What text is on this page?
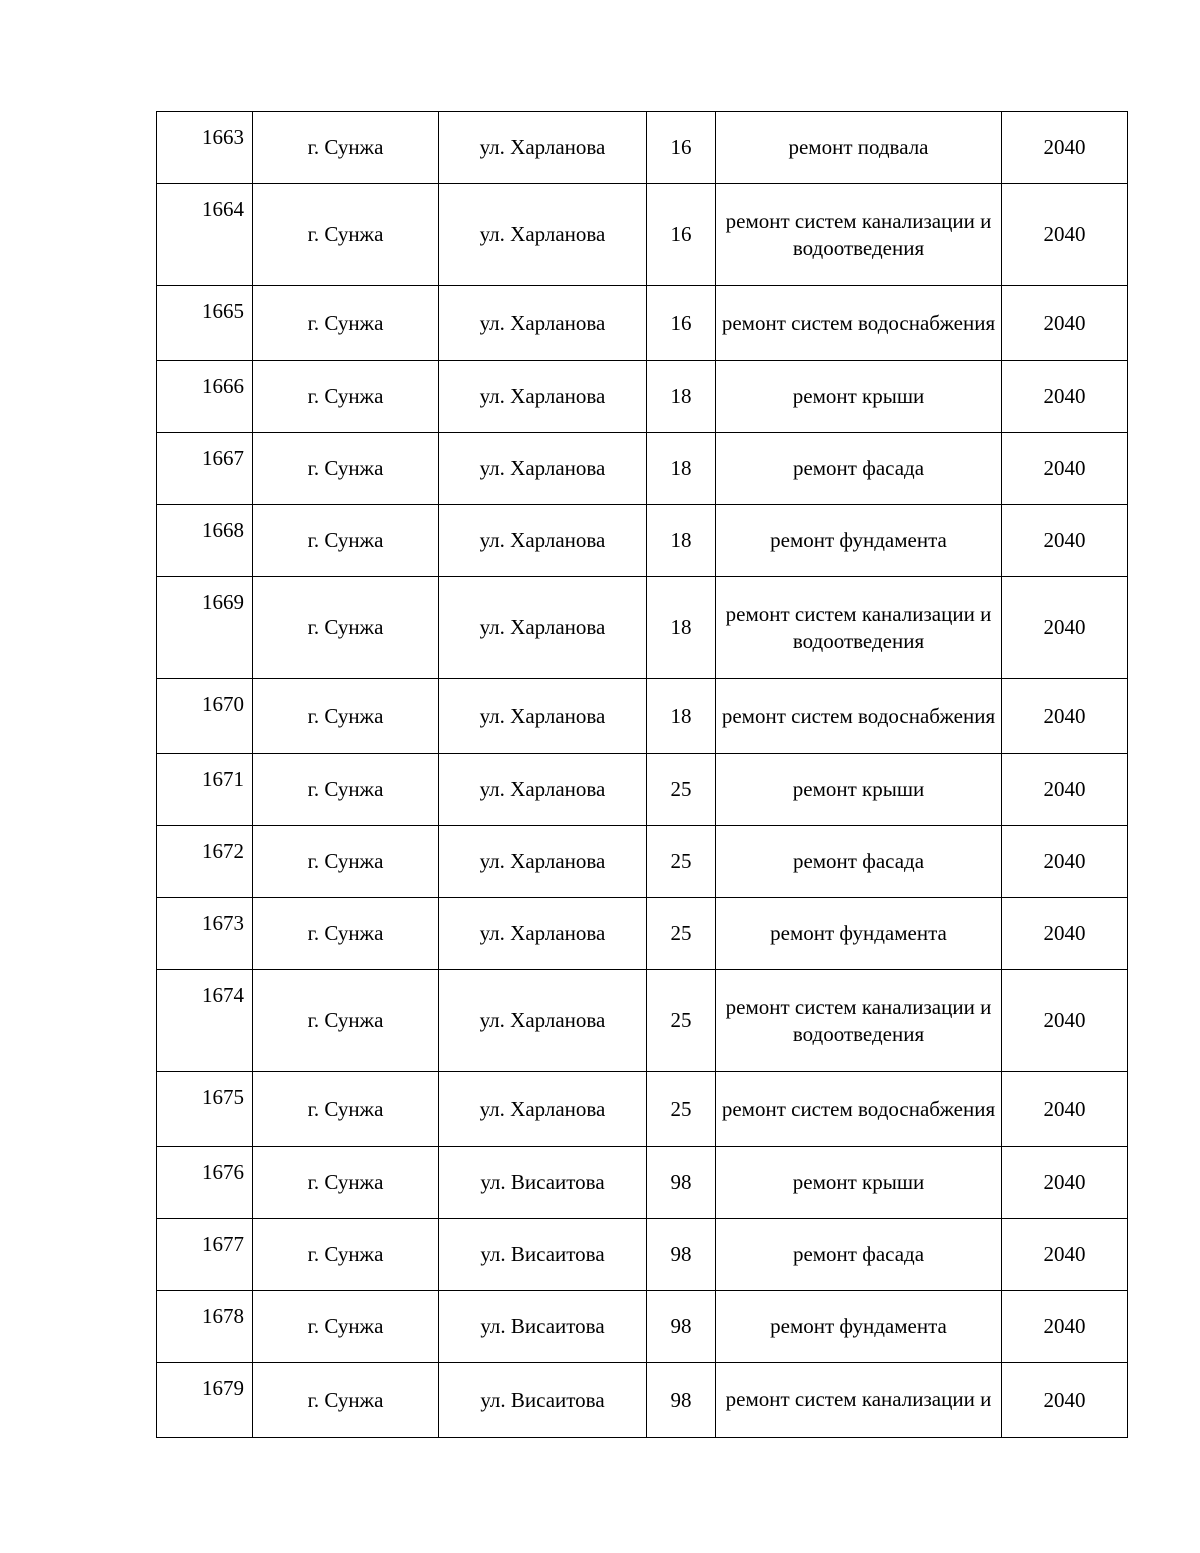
1663	г. Сунжа	ул. Харланова	16	ремонт подвала	2040
1664	г. Сунжа	ул. Харланова	16	ремонт систем канализации и водоотведения	2040
1665	г. Сунжа	ул. Харланова	16	ремонт систем водоснабжения	2040
1666	г. Сунжа	ул. Харланова	18	ремонт крыши	2040
1667	г. Сунжа	ул. Харланова	18	ремонт фасада	2040
1668	г. Сунжа	ул. Харланова	18	ремонт фундамента	2040
1669	г. Сунжа	ул. Харланова	18	ремонт систем канализации и водоотведения	2040
1670	г. Сунжа	ул. Харланова	18	ремонт систем водоснабжения	2040
1671	г. Сунжа	ул. Харланова	25	ремонт крыши	2040
1672	г. Сунжа	ул. Харланова	25	ремонт фасада	2040
1673	г. Сунжа	ул. Харланова	25	ремонт фундамента	2040
1674	г. Сунжа	ул. Харланова	25	ремонт систем канализации и водоотведения	2040
1675	г. Сунжа	ул. Харланова	25	ремонт систем водоснабжения	2040
1676	г. Сунжа	ул. Висаитова	98	ремонт крыши	2040
1677	г. Сунжа	ул. Висаитова	98	ремонт фасада	2040
1678	г. Сунжа	ул. Висаитова	98	ремонт фундамента	2040
1679	г. Сунжа	ул. Висаитова	98	ремонт систем канализации и	2040
